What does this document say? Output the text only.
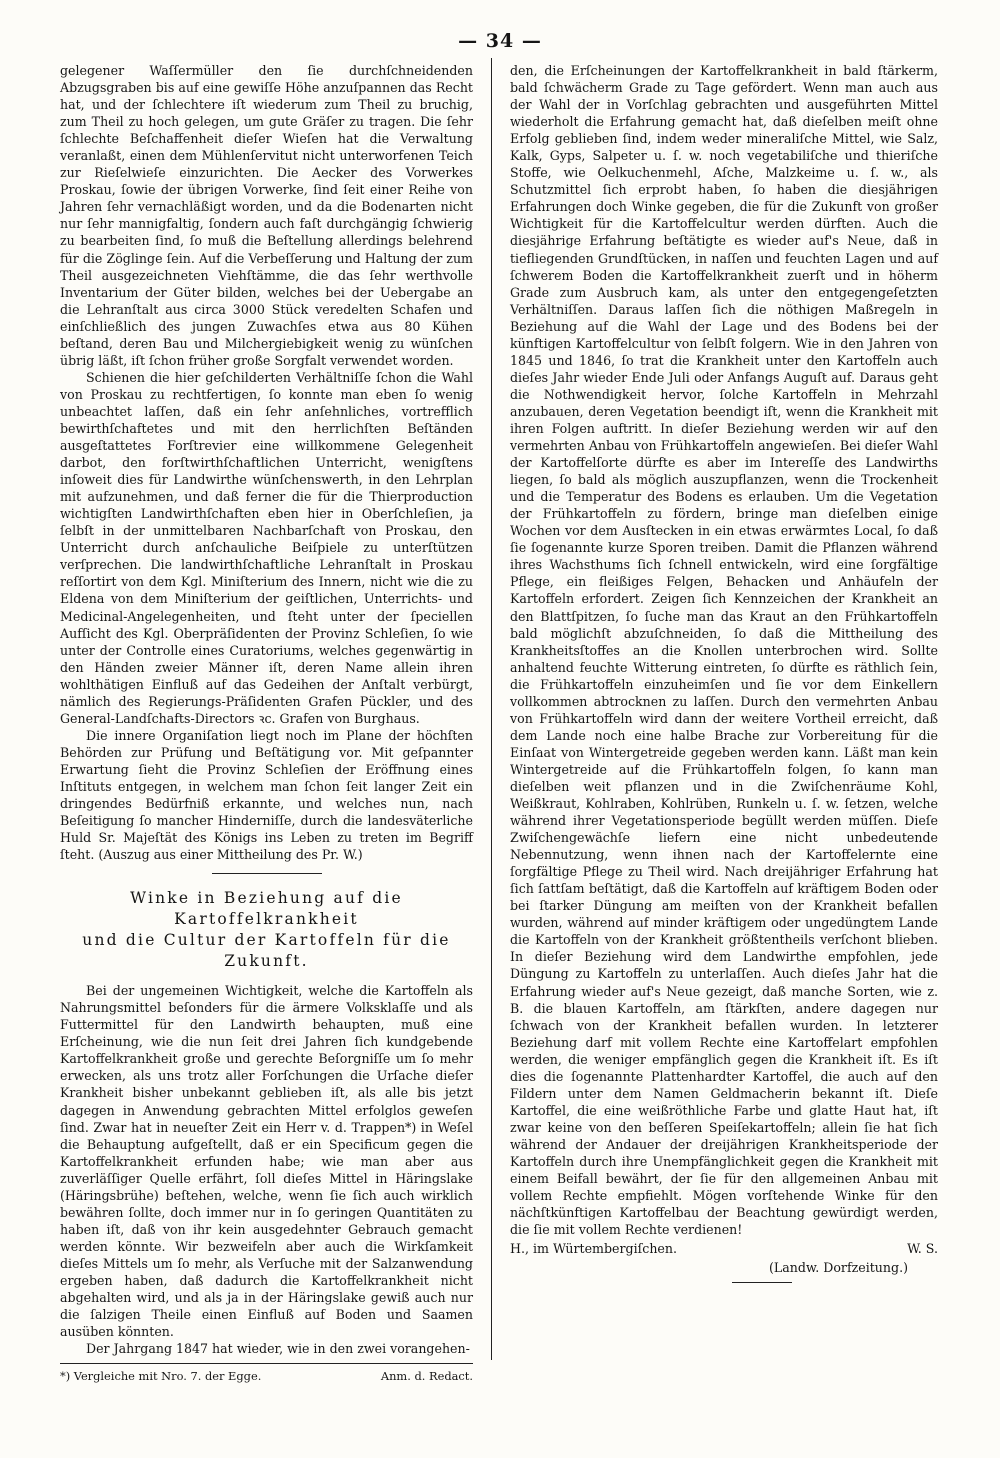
— 34 —

gelegener Waſſermüller den ſie durchſchneidenden Abzugsgraben bis auf eine gewiſſe Höhe anzuſpannen das Recht hat, und der ſchlechtere iſt wiederum zum Theil zu bruchig, zum Theil zu hoch gelegen, um gute Gräſer zu tragen. Die ſehr ſchlechte Beſchaffenheit dieſer Wieſen hat die Verwaltung veranlaßt, einen dem Mühlenſervitut nicht unterworfenen Teich zur Rieſelwieſe einzurichten. Die Aecker des Vorwerkes Proskau, ſowie der übrigen Vorwerke, ſind ſeit einer Reihe von Jahren ſehr vernachläßigt worden, und da die Bodenarten nicht nur ſehr mannigfaltig, ſondern auch faſt durchgängig ſchwierig zu bearbeiten ſind, ſo muß die Beſtellung allerdings belehrend für die Zöglinge ſein. Auf die Verbeſſerung und Haltung der zum Theil ausgezeichneten Viehſtämme, die das ſehr werthvolle Inventarium der Güter bilden, welches bei der Uebergabe an die Lehranſtalt aus circa 3000 Stück veredelten Schafen und einſchließlich des jungen Zuwachſes etwa aus 80 Kühen beſtand, deren Bau und Milchergiebigkeit wenig zu wünſchen übrig läßt, iſt ſchon früher große Sorgfalt verwendet worden.

Schienen die hier geſchilderten Verhältniſſe ſchon die Wahl von Proskau zu rechtfertigen, ſo konnte man eben ſo wenig unbeachtet laſſen, daß ein ſehr anſehnliches, vortrefflich bewirthſchaftetes und mit den herrlichſten Beſtänden ausgeſtattetes Forſtrevier eine willkommene Gelegenheit darbot, den forſtwirthſchaftlichen Unterricht, wenigſtens inſoweit dies für Landwirthe wünſchenswerth, in den Lehrplan mit aufzunehmen, und daß ferner die für die Thierproduction wichtigſten Landwirthſchaften eben hier in Oberſchleſien, ja ſelbſt in der unmittelbaren Nachbarſchaft von Proskau, den Unterricht durch anſchauliche Beiſpiele zu unterſtützen verſprechen. Die landwirthſchaftliche Lehranſtalt in Proskau reſſortirt von dem Kgl. Miniſterium des Innern, nicht wie die zu Eldena von dem Miniſterium der geiſtlichen, Unterrichts- und Medicinal-Angelegenheiten, und ſteht unter der ſpeciellen Aufſicht des Kgl. Oberpräſidenten der Provinz Schleſien, ſo wie unter der Controlle eines Curatoriums, welches gegenwärtig in den Händen zweier Männer iſt, deren Name allein ihren wohlthätigen Einfluß auf das Gedeihen der Anſtalt verbürgt, nämlich des Regierungs-Präſidenten Grafen Pückler, und des General-Landſchafts-Directors ꝛc. Grafen von Burghaus.

Die innere Organiſation liegt noch im Plane der höchſten Behörden zur Prüfung und Beſtätigung vor. Mit geſpannter Erwartung ſieht die Provinz Schleſien der Eröffnung eines Inſtituts entgegen, in welchem man ſchon ſeit langer Zeit ein dringendes Bedürfniß erkannte, und welches nun, nach Beſeitigung ſo mancher Hinderniſſe, durch die landesväterliche Huld Sr. Majeſtät des Königs ins Leben zu treten im Begriff ſteht. (Auszug aus einer Mittheilung des Pr. W.)

Winke in Beziehung auf die Kartoffelkrankheit
und die Cultur der Kartoffeln für die Zukunft.

Bei der ungemeinen Wichtigkeit, welche die Kartoffeln als Nahrungsmittel beſonders für die ärmere Volksklaſſe und als Futtermittel für den Landwirth behaupten, muß eine Erſcheinung, wie die nun ſeit drei Jahren ſich kundgebende Kartoffelkrankheit große und gerechte Beſorgniſſe um ſo mehr erwecken, als uns trotz aller Forſchungen die Urſache dieſer Krankheit bisher unbekannt geblieben iſt, als alle bis jetzt dagegen in Anwendung gebrachten Mittel erfolglos geweſen ſind. Zwar hat in neueſter Zeit ein Herr v. d. Trappen*) in Weſel die Behauptung aufgeſtellt, daß er ein Specificum gegen die Kartoffelkrankheit erfunden habe; wie man aber aus zuverläſſiger Quelle erfährt, ſoll dieſes Mittel in Häringslake (Häringsbrühe) beſtehen, welche, wenn ſie ſich auch wirklich bewähren ſollte, doch immer nur in ſo geringen Quantitäten zu haben iſt, daß von ihr kein ausgedehnter Gebrauch gemacht werden könnte. Wir bezweifeln aber auch die Wirkſamkeit dieſes Mittels um ſo mehr, als Verſuche mit der Salzanwendung ergeben haben, daß dadurch die Kartoffelkrankheit nicht abgehalten wird, und als ja in der Häringslake gewiß auch nur die ſalzigen Theile einen Einfluß auf Boden und Saamen ausüben könnten.

Der Jahrgang 1847 hat wieder, wie in den zwei vorangehen-

*) Vergleiche mit Nro. 7. der Egge.	Anm. d. Redact.

den, die Erſcheinungen der Kartoffelkrankheit in bald ſtärkerm, bald ſchwächerm Grade zu Tage gefördert. Wenn man auch aus der Wahl der in Vorſchlag gebrachten und ausgeführten Mittel wiederholt die Erfahrung gemacht hat, daß dieſelben meiſt ohne Erfolg geblieben ſind, indem weder mineraliſche Mittel, wie Salz, Kalk, Gyps, Salpeter u. ſ. w. noch vegetabiliſche und thieriſche Stoffe, wie Oelkuchenmehl, Aſche, Malzkeime u. ſ. w., als Schutzmittel ſich erprobt haben, ſo haben die diesjährigen Erfahrungen doch Winke gegeben, die für die Zukunft von großer Wichtigkeit für die Kartoffelcultur werden dürften. Auch die diesjährige Erfahrung beſtätigte es wieder auf's Neue, daß in tiefliegenden Grundſtücken, in naſſen und feuchten Lagen und auf ſchwerem Boden die Kartoffelkrankheit zuerſt und in höherm Grade zum Ausbruch kam, als unter den entgegengeſetzten Verhältniſſen. Daraus laſſen ſich die nöthigen Maßregeln in Beziehung auf die Wahl der Lage und des Bodens bei der künftigen Kartoffelcultur von ſelbſt folgern. Wie in den Jahren von 1845 und 1846, ſo trat die Krankheit unter den Kartoffeln auch dieſes Jahr wieder Ende Juli oder Anfangs Auguſt auf. Daraus geht die Nothwendigkeit hervor, ſolche Kartoffeln in Mehrzahl anzubauen, deren Vegetation beendigt iſt, wenn die Krankheit mit ihren Folgen auftritt. In dieſer Beziehung werden wir auf den vermehrten Anbau von Frühkartoffeln angewieſen. Bei dieſer Wahl der Kartoffelſorte dürfte es aber im Intereſſe des Landwirths liegen, ſo bald als möglich auszupflanzen, wenn die Trockenheit und die Temperatur des Bodens es erlauben. Um die Vegetation der Frühkartoffeln zu fördern, bringe man dieſelben einige Wochen vor dem Ausſtecken in ein etwas erwärmtes Local, ſo daß ſie ſogenannte kurze Sporen treiben. Damit die Pflanzen während ihres Wachsthums ſich ſchnell entwickeln, wird eine ſorgfältige Pflege, ein fleißiges Felgen, Behacken und Anhäufeln der Kartoffeln erfordert. Zeigen ſich Kennzeichen der Krankheit an den Blattſpitzen, ſo ſuche man das Kraut an den Frühkartoffeln bald möglichſt abzuſchneiden, ſo daß die Mittheilung des Krankheitsſtoffes an die Knollen unterbrochen wird. Sollte anhaltend feuchte Witterung eintreten, ſo dürfte es räthlich ſein, die Frühkartoffeln einzuheimſen und ſie vor dem Einkellern vollkommen abtrocknen zu laſſen. Durch den vermehrten Anbau von Frühkartoffeln wird dann der weitere Vortheil erreicht, daß dem Lande noch eine halbe Brache zur Vorbereitung für die Einſaat von Wintergetreide gegeben werden kann. Läßt man kein Wintergetreide auf die Frühkartoffeln folgen, ſo kann man dieſelben weit pflanzen und in die Zwiſchenräume Kohl, Weißkraut, Kohlraben, Kohlrüben, Runkeln u. ſ. w. ſetzen, welche während ihrer Vegetationsperiode begüllt werden müſſen. Dieſe Zwiſchengewächſe liefern eine nicht unbedeutende Nebennutzung, wenn ihnen nach der Kartoffelernte eine ſorgfältige Pflege zu Theil wird. Nach dreijähriger Erfahrung hat ſich ſattſam beſtätigt, daß die Kartoffeln auf kräftigem Boden oder bei ſtarker Düngung am meiſten von der Krankheit befallen wurden, während auf minder kräftigem oder ungedüngtem Lande die Kartoffeln von der Krankheit größtentheils verſchont blieben. In dieſer Beziehung wird dem Landwirthe empfohlen, jede Düngung zu Kartoffeln zu unterlaſſen. Auch dieſes Jahr hat die Erfahrung wieder auf's Neue gezeigt, daß manche Sorten, wie z. B. die blauen Kartoffeln, am ſtärkſten, andere dagegen nur ſchwach von der Krankheit befallen wurden. In letzterer Beziehung darf mit vollem Rechte eine Kartoffelart empfohlen werden, die weniger empfänglich gegen die Krankheit iſt. Es iſt dies die ſogenannte Plattenhardter Kartoffel, die auch auf den Fildern unter dem Namen Geldmacherin bekannt iſt. Dieſe Kartoffel, die eine weißröthliche Farbe und glatte Haut hat, iſt zwar keine von den beſſeren Speiſekartoffeln; allein ſie hat ſich während der Andauer der dreijährigen Krankheitsperiode der Kartoffeln durch ihre Unempfänglichkeit gegen die Krankheit mit einem Beifall bewährt, der ſie für den allgemeinen Anbau mit vollem Rechte empfiehlt. Mögen vorſtehende Winke für den nächſtkünftigen Kartoffelbau der Beachtung gewürdigt werden, die ſie mit vollem Rechte verdienen!

H., im Würtembergiſchen.	W. S.
(Landw. Dorfzeitung.)
